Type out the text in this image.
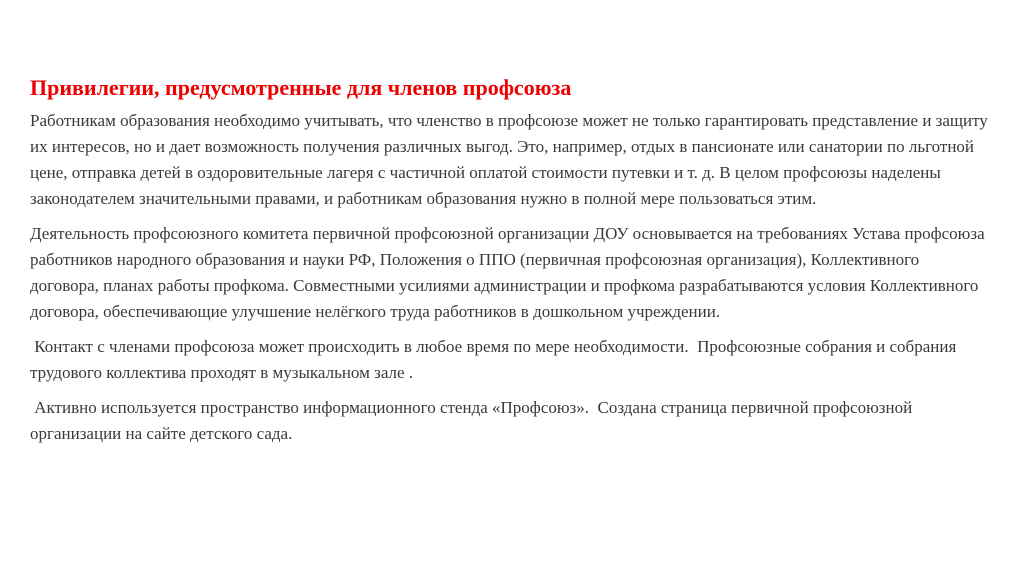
Привилегии, предусмотренные для членов профсоюза

Работникам образования необходимо учитывать, что членство в профсоюзе может не только гарантировать представление и защиту их интересов, но и дает возможность получения различных выгод. Это, например, отдых в пансионате или санатории по льготной цене, отправка детей в оздоровительные лагеря с частичной оплатой стоимости путевки и т. д. В целом профсоюзы наделены законодателем значительными правами, и работникам образования нужно в полной мере пользоваться этим.

Деятельность профсоюзного комитета первичной профсоюзной организации ДОУ основывается на требованиях Устава профсоюза работников народного образования и науки РФ, Положения о ППО (первичная профсоюзная организация), Коллективного договора, планах работы профкома. Совместными усилиями администрации и профкома разрабатываются условия Коллективного договора, обеспечивающие улучшение нелёгкого труда работников в дошкольном учреждении.

Контакт с членами профсоюза может происходить в любое время по мере необходимости.  Профсоюзные собрания и собрания трудового коллектива проходят в музыкальном зале .

Активно используется пространство информационного стенда «Профсоюз».  Создана страница первичной профсоюзной организации на сайте детского сада.
